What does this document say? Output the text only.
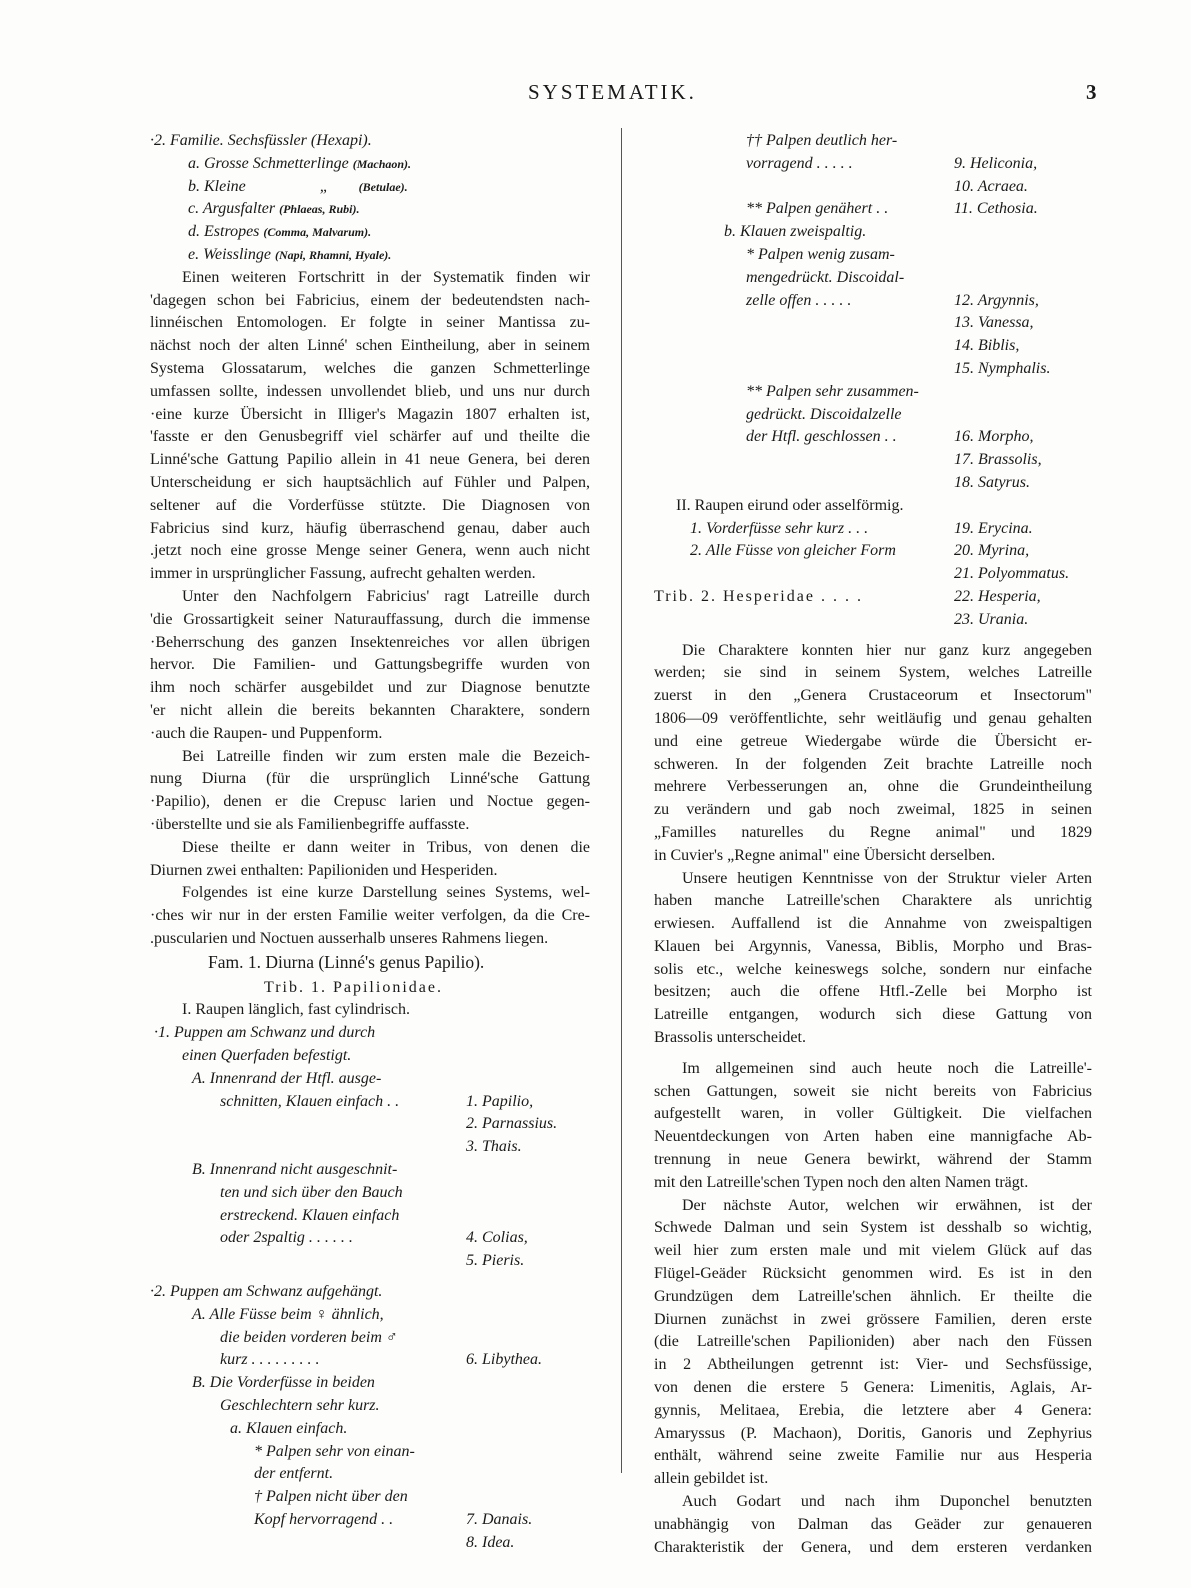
SYSTEMATIK.	3
·2. Familie. Sechsfüssler (Hexapi).
a. Grosse Schmetterlinge (Machaon).
b. Kleine	„	(Betulae).
c. Argusfalter (Phlaeas, Rubi).
d. Estropes (Comma, Malvarum).
e. Weisslinge (Napi, Rhamni, Hyale).
Einen weiteren Fortschritt in der Systematik finden wir
'dagegen schon bei Fabricius, einem der bedeutendsten nach-
linnéischen Entomologen. Er folgte in seiner Mantissa zu-
nächst noch der alten Linné' schen Eintheilung, aber in seinem
Systema Glossatarum, welches die ganzen Schmetterlinge
umfassen sollte, indessen unvollendet blieb, und uns nur durch
·eine kurze Übersicht in Illiger's Magazin 1807 erhalten ist,
'fasste er den Genusbegriff viel schärfer auf und theilte die
Linné'sche Gattung Papilio allein in 41 neue Genera, bei deren
Unterscheidung er sich hauptsächlich auf Fühler und Palpen,
seltener auf die Vorderfüsse stützte. Die Diagnosen von
Fabricius sind kurz, häufig überraschend genau, daber auch
.jetzt noch eine grosse Menge seiner Genera, wenn auch nicht
immer in ursprünglicher Fassung, aufrecht gehalten werden.
Unter den Nachfolgern Fabricius' ragt Latreille durch
'die Grossartigkeit seiner Naturauffassung, durch die immense
·Beherrschung des ganzen Insektenreiches vor allen übrigen
hervor. Die Familien- und Gattungsbegriffe wurden von
ihm noch schärfer ausgebildet und zur Diagnose benutzte
'er nicht allein die bereits bekannten Charaktere, sondern
·auch die Raupen- und Puppenform.
Bei Latreille finden wir zum ersten male die Bezeich-
nung Diurna (für die ursprünglich Linné'sche Gattung
·Papilio), denen er die Crepusc larien und Noctue gegen-
·überstellte und sie als Familienbegriffe auffasste.
Diese theilte er dann weiter in Tribus, von denen die
Diurnen zwei enthalten: Papilioniden und Hesperiden.
Folgendes ist eine kurze Darstellung seines Systems, wel-
·ches wir nur in der ersten Familie weiter verfolgen, da die Cre-
.puscularien und Noctuen ausserhalb unseres Rahmens liegen.
Fam. 1. Diurna (Linné's genus Papilio).
Trib. 1. Papilionidae.
I. Raupen länglich, fast cylindrisch.
·1. Puppen am Schwanz und durch
einen Querfaden befestigt.
A. Innenrand der Htfl. ausge-
schnitten, Klauen einfach . .	1. Papilio,
2. Parnassius.
3. Thais.
B. Innenrand nicht ausgeschnit-
ten und sich über den Bauch
erstreckend. Klauen einfach
oder 2spaltig . . . . . .	4. Colias,
5. Pieris.
·2. Puppen am Schwanz aufgehängt.
A. Alle Füsse beim ♀ ähnlich,
die beiden vorderen beim ♂
kurz . . . . . . . . .	6. Libythea.
B. Die Vorderfüsse in beiden
Geschlechtern sehr kurz.
a. Klauen einfach.
* Palpen sehr von einan-
der entfernt.
† Palpen nicht über den
Kopf hervorragend . .	7. Danais.
8. Idea.
†† Palpen deutlich her-
vorragend . . . . .	9. Heliconia,
10. Acraea.
** Palpen genähert . .	11. Cethosia.
b. Klauen zweispaltig.
* Palpen wenig zusam-
mengedrückt. Discoidal-
zelle offen . . . . .	12. Argynnis,
13. Vanessa,
14. Biblis,
15. Nymphalis.
** Palpen sehr zusammen-
gedrückt. Discoidalzelle
der Htfl. geschlossen . .	16. Morpho,
17. Brassolis,
18. Satyrus.
II. Raupen eirund oder asselförmig.
1. Vorderfüsse sehr kurz . . .	19. Erycina.
2. Alle Füsse von gleicher Form	20. Myrina,
21. Polyommatus.
Trib. 2. Hesperidae . . . .	22. Hesperia,
23. Urania.
Die Charaktere konnten hier nur ganz kurz angegeben
werden; sie sind in seinem System, welches Latreille
zuerst in den „Genera Crustaceorum et Insectorum"
1806—09 veröffentlichte, sehr weitläufig und genau gehalten
und eine getreue Wiedergabe würde die Übersicht er-
schweren. In der folgenden Zeit brachte Latreille noch
mehrere Verbesserungen an, ohne die Grundeintheilung
zu verändern und gab noch zweimal, 1825 in seinen
„Familles naturelles du Regne animal" und 1829
in Cuvier's „Regne animal" eine Übersicht derselben.
Unsere heutigen Kenntnisse von der Struktur vieler Arten
haben manche Latreille'schen Charaktere als unrichtig
erwiesen. Auffallend ist die Annahme von zweispaltigen
Klauen bei Argynnis, Vanessa, Biblis, Morpho und Bras-
solis etc., welche keineswegs solche, sondern nur einfache
besitzen; auch die offene Htfl.-Zelle bei Morpho ist
Latreille entgangen, wodurch sich diese Gattung von
Brassolis unterscheidet.
Im allgemeinen sind auch heute noch die Latreille'-
schen Gattungen, soweit sie nicht bereits von Fabricius
aufgestellt waren, in voller Gültigkeit. Die vielfachen
Neuentdeckungen von Arten haben eine mannigfache Ab-
trennung in neue Genera bewirkt, während der Stamm
mit den Latreille'schen Typen noch den alten Namen trägt.
Der nächste Autor, welchen wir erwähnen, ist der
Schwede Dalman und sein System ist desshalb so wichtig,
weil hier zum ersten male und mit vielem Glück auf das
Flügel-Geäder Rücksicht genommen wird. Es ist in den
Grundzügen dem Latreille'schen ähnlich. Er theilte die
Diurnen zunächst in zwei grössere Familien, deren erste
(die Latreille'schen Papilioniden) aber nach den Füssen
in 2 Abtheilungen getrennt ist: Vier- und Sechsfüssige,
von denen die erstere 5 Genera: Limenitis, Aglais, Ar-
gynnis, Melitaea, Erebia, die letztere aber 4 Genera:
Amaryssus (P. Machaon), Doritis, Ganoris und Zephyrius
enthält, während seine zweite Familie nur aus Hesperia
allein gebildet ist.
Auch Godart und nach ihm Duponchel benutzten
unabhängig von Dalman das Geäder zur genaueren
Charakteristik der Genera, und dem ersteren verdanken
